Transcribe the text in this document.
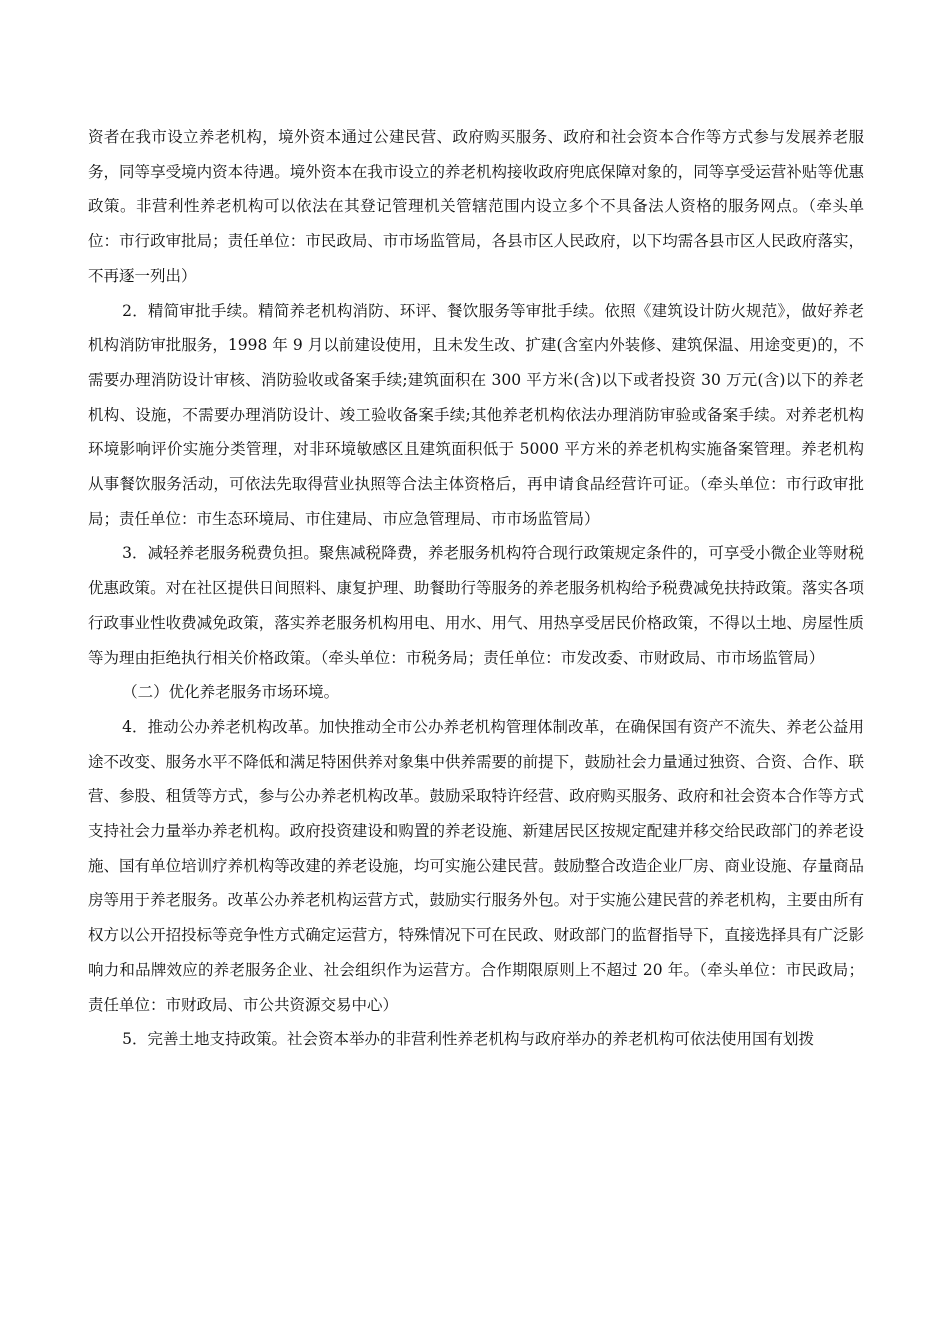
资者在我市设立养老机构，境外资本通过公建民营、政府购买服务、政府和社会资本合作等方式参与发展养老服务，同等享受境内资本待遇。境外资本在我市设立的养老机构接收政府兜底保障对象的，同等享受运营补贴等优惠政策。非营利性养老机构可以依法在其登记管理机关管辖范围内设立多个不具备法人资格的服务网点。（牵头单位：市行政审批局；责任单位：市民政局、市市场监管局，各县市区人民政府，以下均需各县市区人民政府落实，不再逐一列出）

2．精简审批手续。精简养老机构消防、环评、餐饮服务等审批手续。依照《建筑设计防火规范》，做好养老机构消防审批服务，1998 年 9 月以前建设使用，且未发生改、扩建(含室内外装修、建筑保温、用途变更)的，不需要办理消防设计审核、消防验收或备案手续;建筑面积在 300 平方米(含)以下或者投资 30 万元(含)以下的养老机构、设施，不需要办理消防设计、竣工验收备案手续;其他养老机构依法办理消防审验或备案手续。对养老机构环境影响评价实施分类管理，对非环境敏感区且建筑面积低于 5000 平方米的养老机构实施备案管理。养老机构从事餐饮服务活动，可依法先取得营业执照等合法主体资格后，再申请食品经营许可证。（牵头单位：市行政审批局；责任单位：市生态环境局、市住建局、市应急管理局、市市场监管局）

3．减轻养老服务税费负担。聚焦减税降费，养老服务机构符合现行政策规定条件的，可享受小微企业等财税优惠政策。对在社区提供日间照料、康复护理、助餐助行等服务的养老服务机构给予税费减免扶持政策。落实各项行政事业性收费减免政策，落实养老服务机构用电、用水、用气、用热享受居民价格政策，不得以土地、房屋性质等为理由拒绝执行相关价格政策。（牵头单位：市税务局；责任单位：市发改委、市财政局、市市场监管局）

（二）优化养老服务市场环境。

4．推动公办养老机构改革。加快推动全市公办养老机构管理体制改革，在确保国有资产不流失、养老公益用途不改变、服务水平不降低和满足特困供养对象集中供养需要的前提下，鼓励社会力量通过独资、合资、合作、联营、参股、租赁等方式，参与公办养老机构改革。鼓励采取特许经营、政府购买服务、政府和社会资本合作等方式支持社会力量举办养老机构。政府投资建设和购置的养老设施、新建居民区按规定配建并移交给民政部门的养老设施、国有单位培训疗养机构等改建的养老设施，均可实施公建民营。鼓励整合改造企业厂房、商业设施、存量商品房等用于养老服务。改革公办养老机构运营方式，鼓励实行服务外包。对于实施公建民营的养老机构，主要由所有权方以公开招投标等竞争性方式确定运营方，特殊情况下可在民政、财政部门的监督指导下，直接选择具有广泛影响力和品牌效应的养老服务企业、社会组织作为运营方。合作期限原则上不超过 20 年。（牵头单位：市民政局；责任单位：市财政局、市公共资源交易中心）

5．完善土地支持政策。社会资本举办的非营利性养老机构与政府举办的养老机构可依法使用国有划拨
